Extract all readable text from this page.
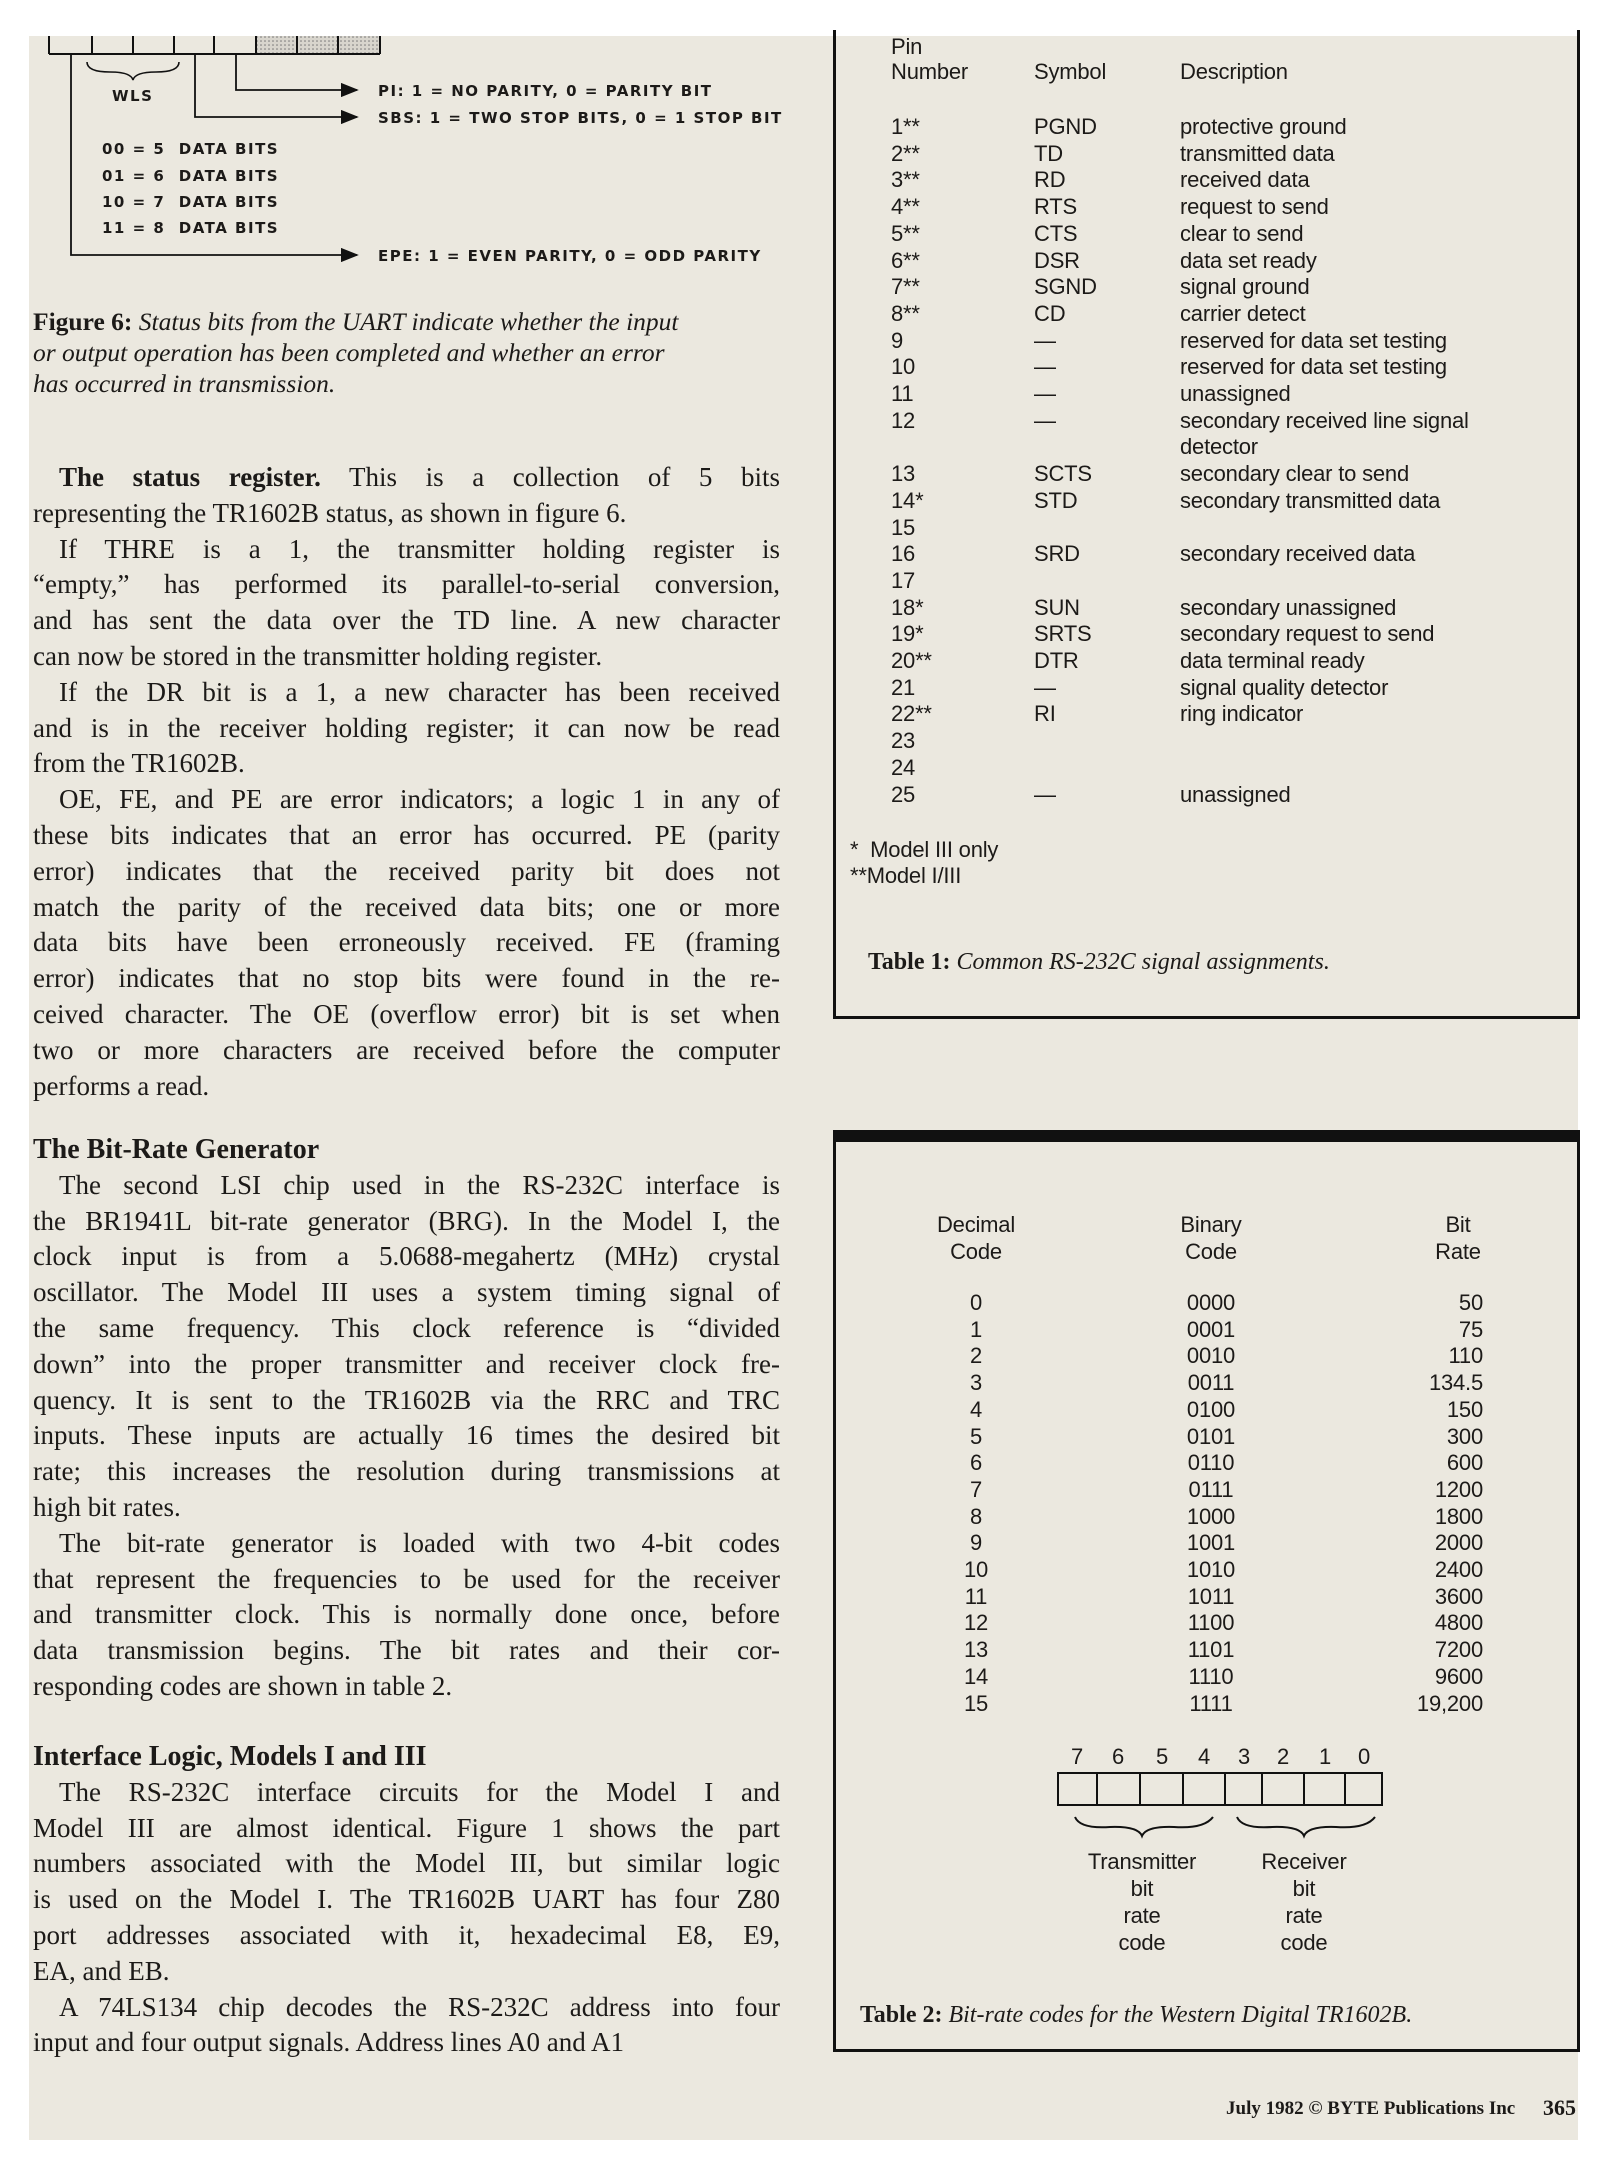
WLS	PI: 1 = NO PARITY, 0 = PARITY BIT
SBS: 1 = TWO STOP BITS, 0 = 1 STOP BIT
00 = 5  DATA BITS
01 = 6  DATA BITS
10 = 7  DATA BITS
11 = 8  DATA BITS
EPE: 1 = EVEN PARITY, 0 = ODD PARITY
Figure 6: Status bits from the UART indicate whether the input
or output operation has been completed and whether an error
has occurred in transmission.
The status register. This is a collection of 5 bits
representing the TR1602B status, as shown in figure 6.
If THRE is a 1, the transmitter holding register is
“empty,” has performed its parallel-to-serial conversion,
and has sent the data over the TD line. A new character
can now be stored in the transmitter holding register.
If the DR bit is a 1, a new character has been received
and is in the receiver holding register; it can now be read
from the TR1602B.
OE, FE, and PE are error indicators; a logic 1 in any of
these bits indicates that an error has occurred. PE (parity
error) indicates that the received parity bit does not
match the parity of the received data bits; one or more
data bits have been erroneously received. FE (framing
error) indicates that no stop bits were found in the re-
ceived character. The OE (overflow error) bit is set when
two or more characters are received before the computer
performs a read.
The Bit-Rate Generator
The second LSI chip used in the RS-232C interface is
the BR1941L bit-rate generator (BRG). In the Model I, the
clock input is from a 5.0688-megahertz (MHz) crystal
oscillator. The Model III uses a system timing signal of
the same frequency. This clock reference is “divided
down” into the proper transmitter and receiver clock fre-
quency. It is sent to the TR1602B via the RRC and TRC
inputs. These inputs are actually 16 times the desired bit
rate; this increases the resolution during transmissions at
high bit rates.
The bit-rate generator is loaded with two 4-bit codes
that represent the frequencies to be used for the receiver
and transmitter clock. This is normally done once, before
data transmission begins. The bit rates and their cor-
responding codes are shown in table 2.
Interface Logic, Models I and III
The RS-232C interface circuits for the Model I and
Model III are almost identical. Figure 1 shows the part
numbers associated with the Model III, but similar logic
is used on the Model I. The TR1602B UART has four Z80
port addresses associated with it, hexadecimal E8, E9,
EA, and EB.
A 74LS134 chip decodes the RS-232C address into four
input and four output signals. Address lines A0 and A1
Pin
Number	Symbol	Description
1**	PGND	protective ground
2**	TD	transmitted data
3**	RD	received data
4**	RTS	request to send
5**	CTS	clear to send
6**	DSR	data set ready
7**	SGND	signal ground
8**	CD	carrier detect
9	—	reserved for data set testing
10	—	reserved for data set testing
11	—	unassigned
12	—	secondary received line signal
detector
13	SCTS	secondary clear to send
14*	STD	secondary transmitted data
15
16	SRD	secondary received data
17
18*	SUN	secondary unassigned
19*	SRTS	secondary request to send
20**	DTR	data terminal ready
21	—	signal quality detector
22**	RI	ring indicator
23
24
25	—	unassigned
*  Model III only
**Model I/III
Table 1: Common RS-232C signal assignments.
Decimal	Binary	Bit
Code	Code	Rate
0	0000	50
1	0001	75
2	0010	110
3	0011	134.5
4	0100	150
5	0101	300
6	0110	600
7	0111	1200
8	1000	1800
9	1001	2000
10	1010	2400
11	1011	3600
12	1100	4800
13	1101	7200
14	1110	9600
15	1111	19,200
7 6 5 4 3 2 1 0
Transmitter
bit
rate
code
Receiver
bit
rate
code
Table 2: Bit-rate codes for the Western Digital TR1602B.
July 1982 © BYTE Publications Inc 365
